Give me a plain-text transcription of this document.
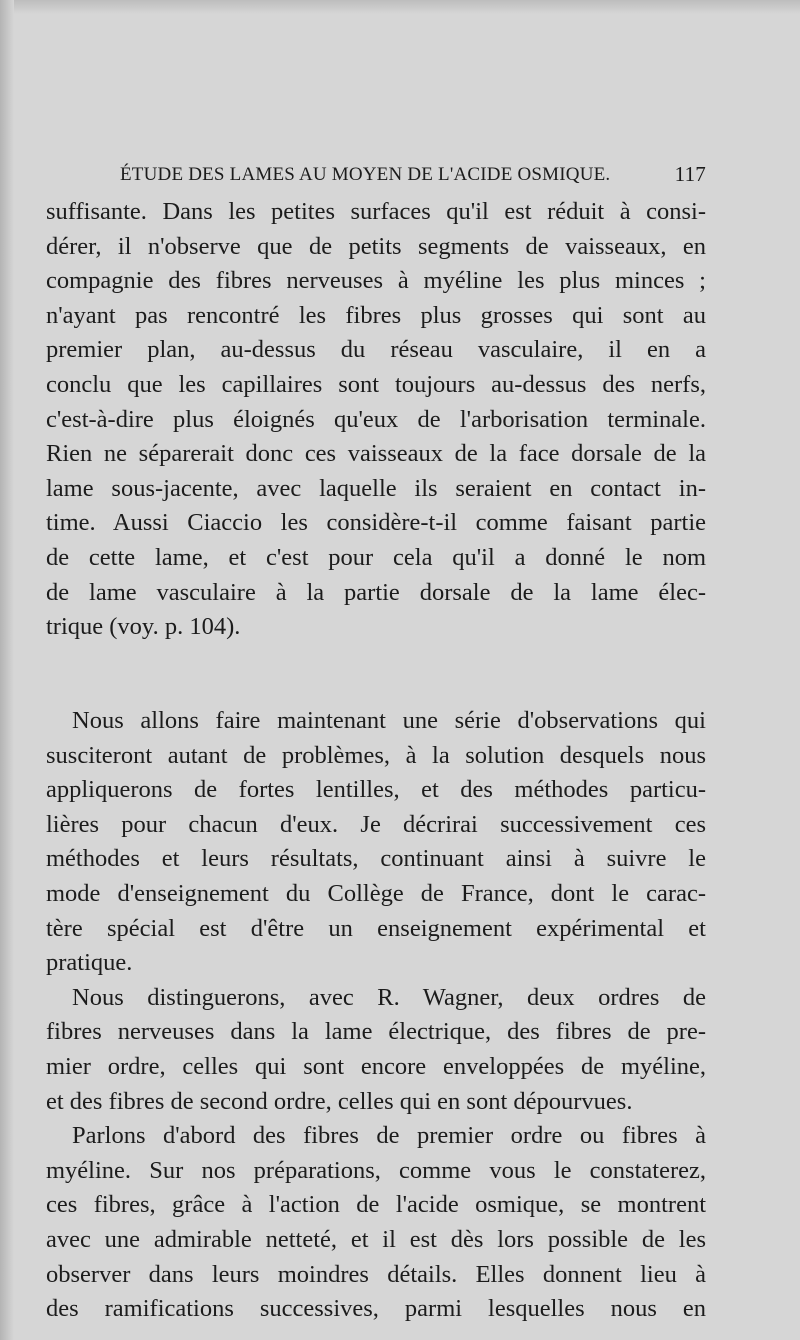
ÉTUDE DES LAMES AU MOYEN DE L'ACIDE OSMIQUE.	117
suffisante. Dans les petites surfaces qu'il est réduit à consi-
dérer, il n'observe que de petits segments de vaisseaux, en
compagnie des fibres nerveuses à myéline les plus minces ;
n'ayant pas rencontré les fibres plus grosses qui sont au
premier plan, au-dessus du réseau vasculaire, il en a
conclu que les capillaires sont toujours au-dessus des nerfs,
c'est-à-dire plus éloignés qu'eux de l'arborisation terminale.
Rien ne séparerait donc ces vaisseaux de la face dorsale de la
lame sous-jacente, avec laquelle ils seraient en contact in-
time. Aussi Ciaccio les considère-t-il comme faisant partie
de cette lame, et c'est pour cela qu'il a donné le nom
de lame vasculaire à la partie dorsale de la lame élec-
trique (voy. p. 104).
Nous allons faire maintenant une série d'observations qui
susciteront autant de problèmes, à la solution desquels nous
appliquerons de fortes lentilles, et des méthodes particu-
lières pour chacun d'eux. Je décrirai successivement ces
méthodes et leurs résultats, continuant ainsi à suivre le
mode d'enseignement du Collège de France, dont le carac-
tère spécial est d'être un enseignement expérimental et
pratique.
Nous distinguerons, avec R. Wagner, deux ordres de
fibres nerveuses dans la lame électrique, des fibres de pre-
mier ordre, celles qui sont encore enveloppées de myéline,
et des fibres de second ordre, celles qui en sont dépourvues.
Parlons d'abord des fibres de premier ordre ou fibres à
myéline. Sur nos préparations, comme vous le constaterez,
ces fibres, grâce à l'action de l'acide osmique, se montrent
avec une admirable netteté, et il est dès lors possible de les
observer dans leurs moindres détails. Elles donnent lieu à
des ramifications successives, parmi lesquelles nous en
